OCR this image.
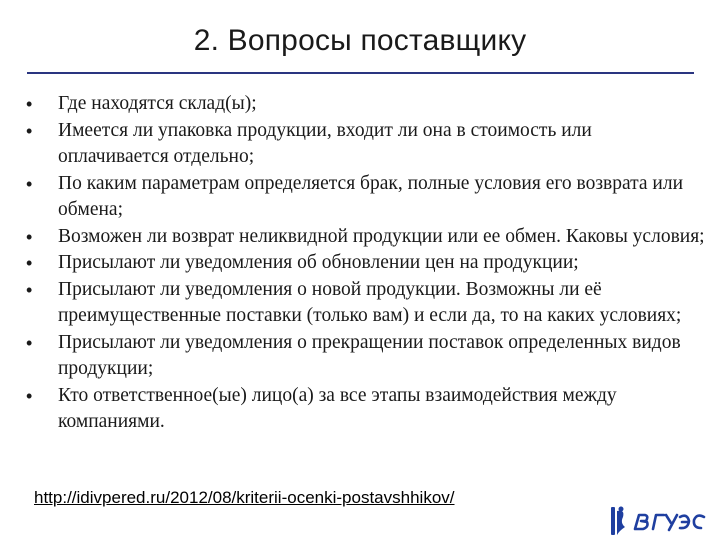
2. Вопросы поставщику
• Где находятся склад(ы);
• Имеется ли упаковка продукции, входит ли она в стоимость или оплачивается отдельно;
• По каким параметрам определяется брак, полные условия его возврата или обмена;
• Возможен ли возврат неликвидной продукции или ее обмен. Каковы условия;
• Присылают ли уведомления об обновлении цен на продукции;
• Присылают ли уведомления о новой продукции. Возможны ли её преимущественные поставки (только вам) и если да, то на каких условиях;
• Присылают ли уведомления о прекращении поставок определенных видов продукции;
• Кто ответственное(ые) лицо(а) за все этапы взаимодействия между компаниями.
http://idivpered.ru/2012/08/kriterii-ocenki-postavshhikov/
